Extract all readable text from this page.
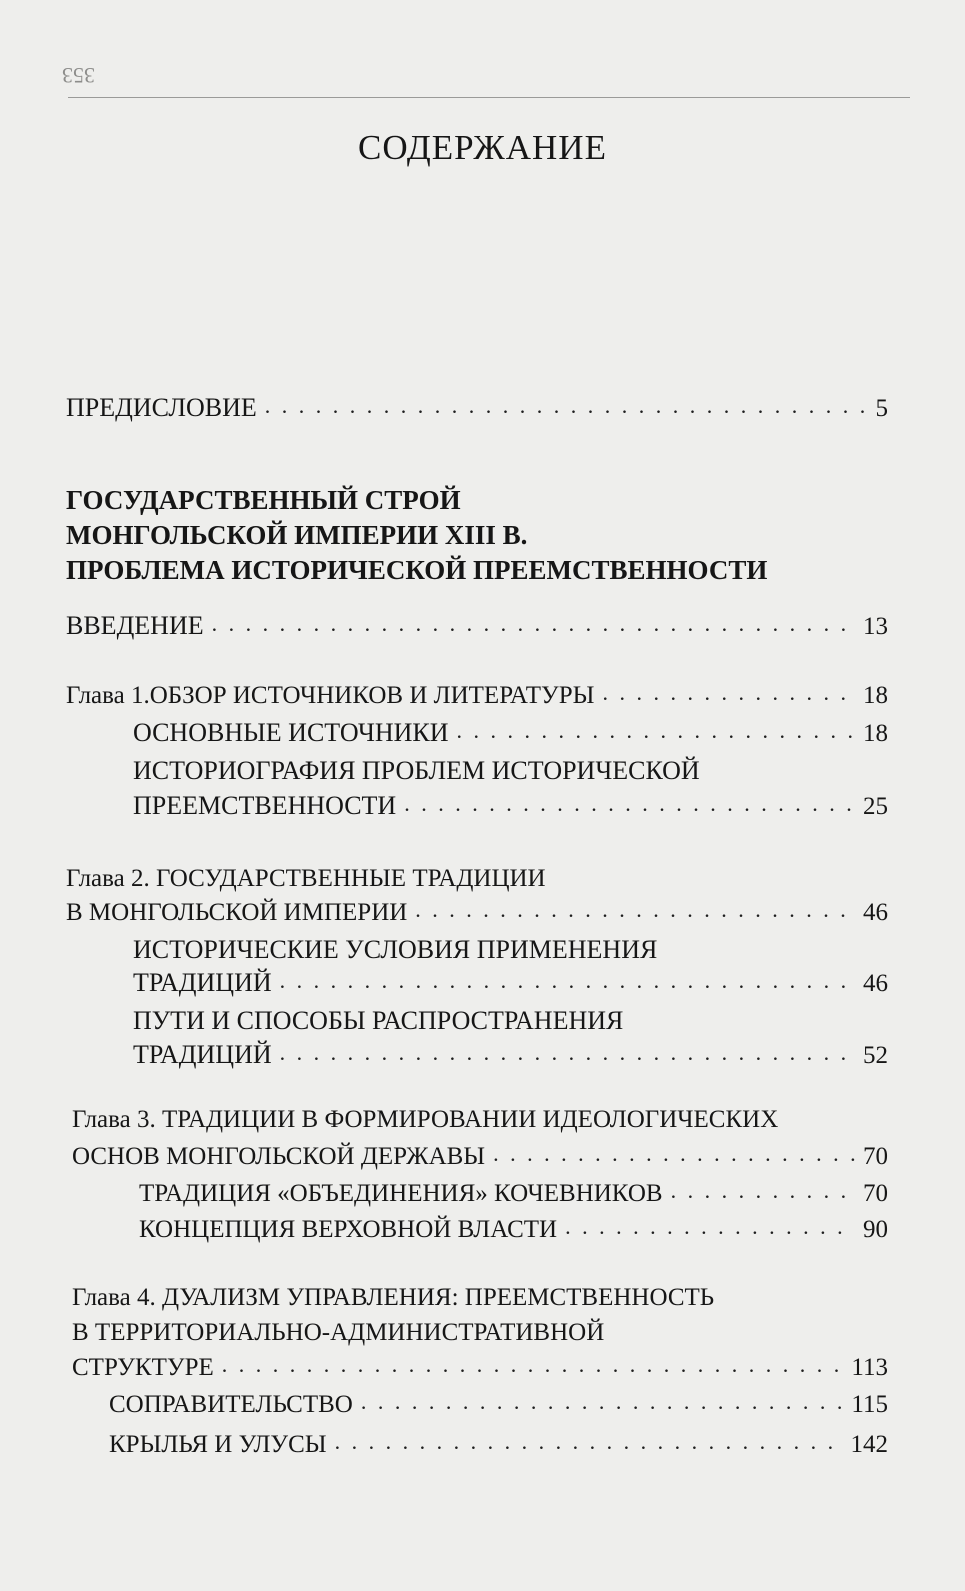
353
СОДЕРЖАНИЕ
ПРЕДИСЛОВИЕ . . .	5
ГОСУДАРСТВЕННЫЙ СТРОЙ
МОНГОЛЬСКОЙ ИМПЕРИИ XIII В.
ПРОБЛЕМА ИСТОРИЧЕСКОЙ ПРЕЕМСТВЕННОСТИ
ВВЕДЕНИЕ . . .	13
Глава 1.ОБЗОР ИСТОЧНИКОВ И ЛИТЕРАТУРЫ . . .	18
ОСНОВНЫЕ ИСТОЧНИКИ . . .	18
ИСТОРИОГРАФИЯ ПРОБЛЕМ ИСТОРИЧЕСКОЙ
ПРЕЕМСТВЕННОСТИ . . .	25
Глава 2. ГОСУДАРСТВЕННЫЕ ТРАДИЦИИ
В МОНГОЛЬСКОЙ ИМПЕРИИ . . .	46
ИСТОРИЧЕСКИЕ УСЛОВИЯ ПРИМЕНЕНИЯ
ТРАДИЦИЙ . . .	46
ПУТИ И СПОСОБЫ РАСПРОСТРАНЕНИЯ
ТРАДИЦИЙ . . .	52
Глава 3. ТРАДИЦИИ В ФОРМИРОВАНИИ ИДЕОЛОГИЧЕСКИХ
ОСНОВ МОНГОЛЬСКОЙ ДЕРЖАВЫ . . .	70
ТРАДИЦИЯ «ОБЪЕДИНЕНИЯ» КОЧЕВНИКОВ . . .	70
КОНЦЕПЦИЯ ВЕРХОВНОЙ ВЛАСТИ . . .	90
Глава 4. ДУАЛИЗМ УПРАВЛЕНИЯ: ПРЕЕМСТВЕННОСТЬ
В ТЕРРИТОРИАЛЬНО-АДМИНИСТРАТИВНОЙ
СТРУКТУРЕ . . .	113
СОПРАВИТЕЛЬСТВО . . .	115
КРЫЛЬЯ И УЛУСЫ . . .	142
